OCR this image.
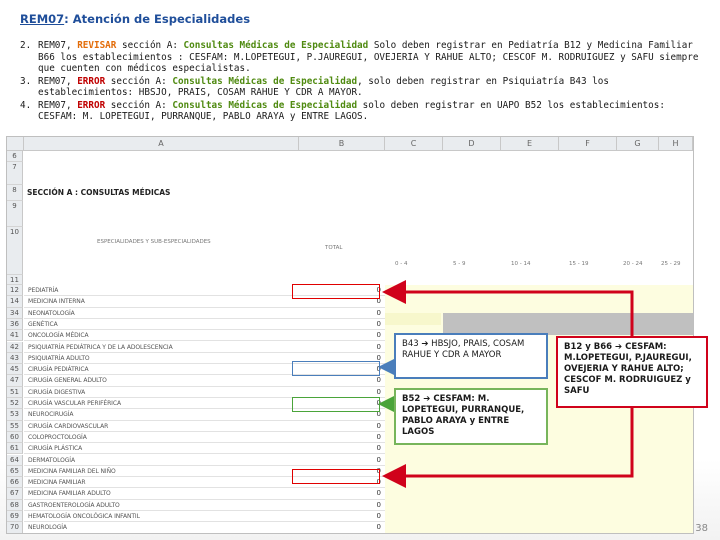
REM07: Atención de Especialidades
2. REM07, REVISAR sección A: Consultas Médicas de Especialidad Solo deben registrar en Pediatría B12 y Medicina Familiar B66 los establecimientos : CESFAM: M.LOPETEGUI, P.JAUREGUI, OVEJERIA Y RAHUE ALTO; CESCOF M. RODRUIGUEZ y SAFU siempre que cuenten con médicos especialistas.
3. REM07, ERROR sección A: Consultas Médicas de Especialidad, solo deben registrar en Psiquiatría B43 los establecimientos: HBSJO, PRAIS, COSAM RAHUE Y CDR A MAYOR.
4. REM07, ERROR sección A: Consultas Médicas de Especialidad solo deben registrar en UAPO B52 los establecimientos: CESFAM: M. LOPETEGUI, PURRANQUE, PABLO ARAYA y ENTRE LAGOS.
SECCIÓN A : CONSULTAS MÉDICAS
ESPECIALIDADES Y SUB-ESPECIALIDADES
TOTAL
A	B	C	D	E	F	G	H
0 - 4	5 - 9	10 - 14	15 - 19	20 - 24	25 - 29
6
7
8
9
10
11
12	PEDIATRÍA	0
14	MEDICINA INTERNA	0
34	NEONATOLOGÍA	0
36	GENÉTICA	0
41	ONCOLOGÍA MÉDICA	0
42	PSIQUIATRÍA PEDIÁTRICA Y DE LA ADOLESCENCIA	0
43	PSIQUIATRÍA ADULTO	0
45	CIRUGÍA PEDIÁTRICA	0
47	CIRUGÍA GENERAL ADULTO	0
51	CIRUGÍA DIGESTIVA	0
52	CIRUGÍA VASCULAR PERIFÉRICA	0
53	NEUROCIRUGÍA	0
55	CIRUGÍA CARDIOVASCULAR	0
60	COLOPROCTOLOGÍA	0
61	CIRUGÍA PLÁSTICA	0
64	DERMATOLOGÍA	0
65	MEDICINA FAMILIAR DEL NIÑO	0
66	MEDICINA FAMILIAR	0
67	MEDICINA FAMILIAR ADULTO	0
68	GASTROENTEROLOGÍA ADULTO	0
69	HEMATOLOGÍA ONCOLÓGICA INFANTIL	0
70	NEUROLOGÍA	0
B43 ➔ HBSJO, PRAIS, COSAM RAHUE Y CDR A MAYOR
B52 ➔ CESFAM: M. LOPETEGUI, PURRANQUE, PABLO ARAYA y ENTRE LAGOS
B12 y B66 ➔ CESFAM: M.LOPETEGUI, P.JAUREGUI, OVEJERIA Y RAHUE ALTO; CESCOF M. RODRUIGUEZ y SAFU
38
